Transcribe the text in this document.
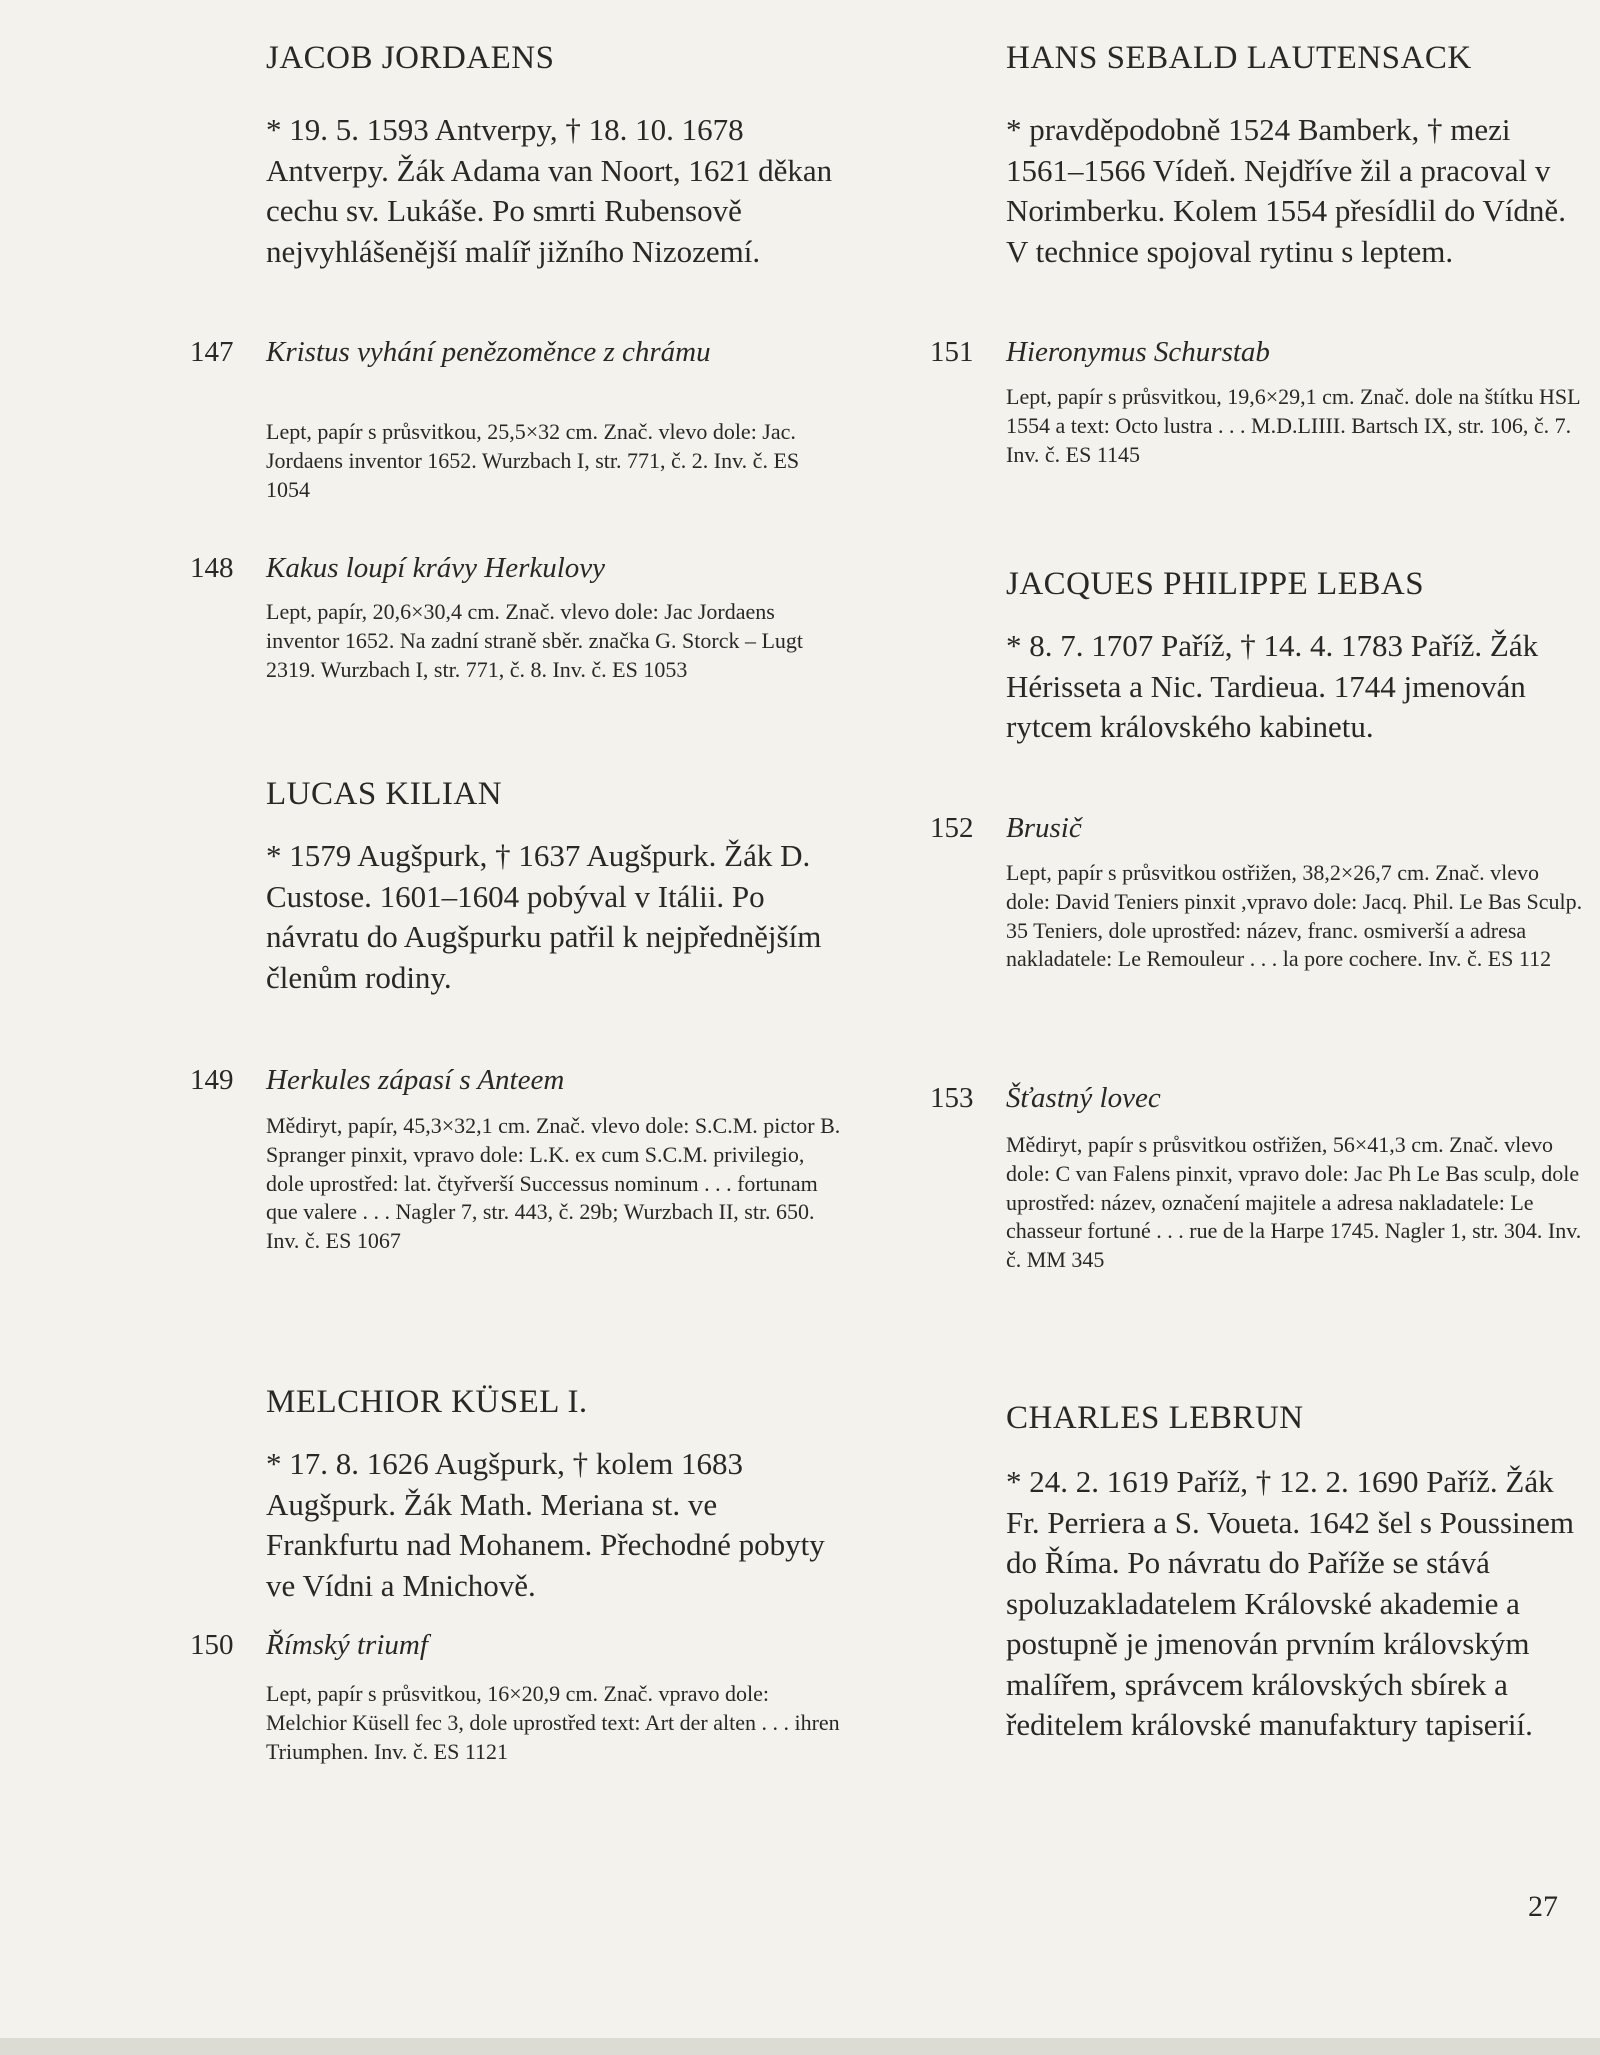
JACOB JORDAENS
* 19. 5. 1593 Antverpy, † 18. 10. 1678 Antverpy. Žák Adama van Noort, 1621 děkan cechu sv. Lukáše. Po smrti Rubensově nejvyhlášenější malíř jižního Nizozemí.
147	Kristus vyhání penězoměnce z chrámu
Lept, papír s průsvitkou, 25,5×32 cm. Znač. vlevo dole: Jac. Jordaens inventor 1652. Wurzbach I, str. 771, č. 2. Inv. č. ES 1054
148	Kakus loupí krávy Herkulovy
Lept, papír, 20,6×30,4 cm. Znač. vlevo dole: Jac Jordaens inventor 1652. Na zadní straně sběr. značka G. Storck – Lugt 2319. Wurzbach I, str. 771, č. 8. Inv. č. ES 1053
LUCAS KILIAN
* 1579 Augšpurk, † 1637 Augšpurk. Žák D. Custose. 1601–1604 pobýval v Itálii. Po návratu do Augšpurku patřil k nejpřednějším členům rodiny.
149	Herkules zápasí s Anteem
Mědiryt, papír, 45,3×32,1 cm. Znač. vlevo dole: S.C.M. pictor B. Spranger pinxit, vpravo dole: L.K. ex cum S.C.M. privilegio, dole uprostřed: lat. čtyřverší Successus nominum . . . fortunam que valere . . . Nagler 7, str. 443, č. 29b; Wurzbach II, str. 650. Inv. č. ES 1067
MELCHIOR KÜSEL I.
* 17. 8. 1626 Augšpurk, † kolem 1683 Augšpurk. Žák Math. Meriana st. ve Frankfurtu nad Mohanem. Přechodné pobyty ve Vídni a Mnichově.
150	Římský triumf
Lept, papír s průsvitkou, 16×20,9 cm. Znač. vpravo dole: Melchior Küsell fec 3, dole uprostřed text: Art der alten . . . ihren Triumphen. Inv. č. ES 1121
HANS SEBALD LAUTENSACK
* pravděpodobně 1524 Bamberk, † mezi 1561–1566 Vídeň. Nejdříve žil a pracoval v Norimberku. Kolem 1554 přesídlil do Vídně. V technice spojoval rytinu s leptem.
151	Hieronymus Schurstab
Lept, papír s průsvitkou, 19,6×29,1 cm. Znač. dole na štítku HSL 1554 a text: Octo lustra . . . M.D.LIIII. Bartsch IX, str. 106, č. 7. Inv. č. ES 1145
JACQUES PHILIPPE LEBAS
* 8. 7. 1707 Paříž, † 14. 4. 1783 Paříž. Žák Hérisseta a Nic. Tardieua. 1744 jmenován rytcem královského kabinetu.
152	Brusič
Lept, papír s průsvitkou ostřižen, 38,2×26,7 cm. Znač. vlevo dole: David Teniers pinxit ,vpravo dole: Jacq. Phil. Le Bas Sculp. 35 Teniers, dole uprostřed: název, franc. osmiverší a adresa nakladatele: Le Remouleur . . . la pore cochere. Inv. č. ES 112
153	Šťastný lovec
Mědiryt, papír s průsvitkou ostřižen, 56×41,3 cm. Znač. vlevo dole: C van Falens pinxit, vpravo dole: Jac Ph Le Bas sculp, dole uprostřed: název, označení majitele a adresa nakladatele: Le chasseur fortuné . . . rue de la Harpe 1745. Nagler 1, str. 304. Inv. č. MM 345
CHARLES LEBRUN
* 24. 2. 1619 Paříž, † 12. 2. 1690 Paříž. Žák Fr. Perriera a S. Voueta. 1642 šel s Poussinem do Říma. Po návratu do Paříže se stává spoluzakladatelem Královské akademie a postupně je jmenován prvním královským malířem, správcem královských sbírek a ředitelem královské manufaktury tapiserií.
27
